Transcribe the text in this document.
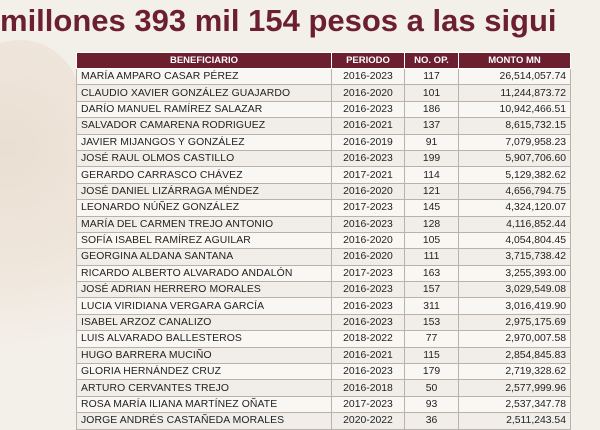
millones 393 mil 154 pesos a las sigui
BENEFICIARIO	PERIODO	NO. OP.	MONTO MN
MARÍA AMPARO CASAR PÉREZ	2016-2023	117	26,514,057.74
CLAUDIO XAVIER GONZÁLEZ GUAJARDO	2016-2020	101	11,244,873.72
DARÍO MANUEL RAMÍREZ SALAZAR	2016-2023	186	10,942,466.51
SALVADOR CAMARENA RODRIGUEZ	2016-2021	137	8,615,732.15
JAVIER MIJANGOS Y GONZÁLEZ	2016-2019	91	7,079,958.23
JOSÉ RAUL OLMOS CASTILLO	2016-2023	199	5,907,706.60
GERARDO CARRASCO CHÁVEZ	2017-2021	114	5,129,382.62
JOSÉ DANIEL LIZÁRRAGA MÉNDEZ	2016-2020	121	4,656,794.75
LEONARDO NÚÑEZ GONZÁLEZ	2017-2023	145	4,324,120.07
MARÍA DEL CARMEN TREJO ANTONIO	2016-2023	128	4,116,852.44
SOFÍA ISABEL RAMÍREZ AGUILAR	2016-2020	105	4,054,804.45
GEORGINA ALDANA SANTANA	2016-2020	111	3,715,738.42
RICARDO ALBERTO ALVARADO ANDALÓN	2017-2023	163	3,255,393.00
JOSÉ ADRIAN HERRERO MORALES	2016-2023	157	3,029,549.08
LUCIA VIRIDIANA VERGARA GARCÍA	2016-2023	311	3,016,419.90
ISABEL ARZOZ CANALIZO	2016-2023	153	2,975,175.69
LUIS ALVARADO BALLESTEROS	2018-2022	77	2,970,007.58
HUGO BARRERA MUCIÑO	2016-2021	115	2,854,845.83
GLORIA HERNÁNDEZ CRUZ	2016-2023	179	2,719,328.62
ARTURO CERVANTES TREJO	2016-2018	50	2,577,999.96
ROSA MARÍA ILIANA MARTÍNEZ OÑATE	2017-2023	93	2,537,347.78
JORGE ANDRÉS CASTAÑEDA MORALES	2020-2022	36	2,511,243.54
